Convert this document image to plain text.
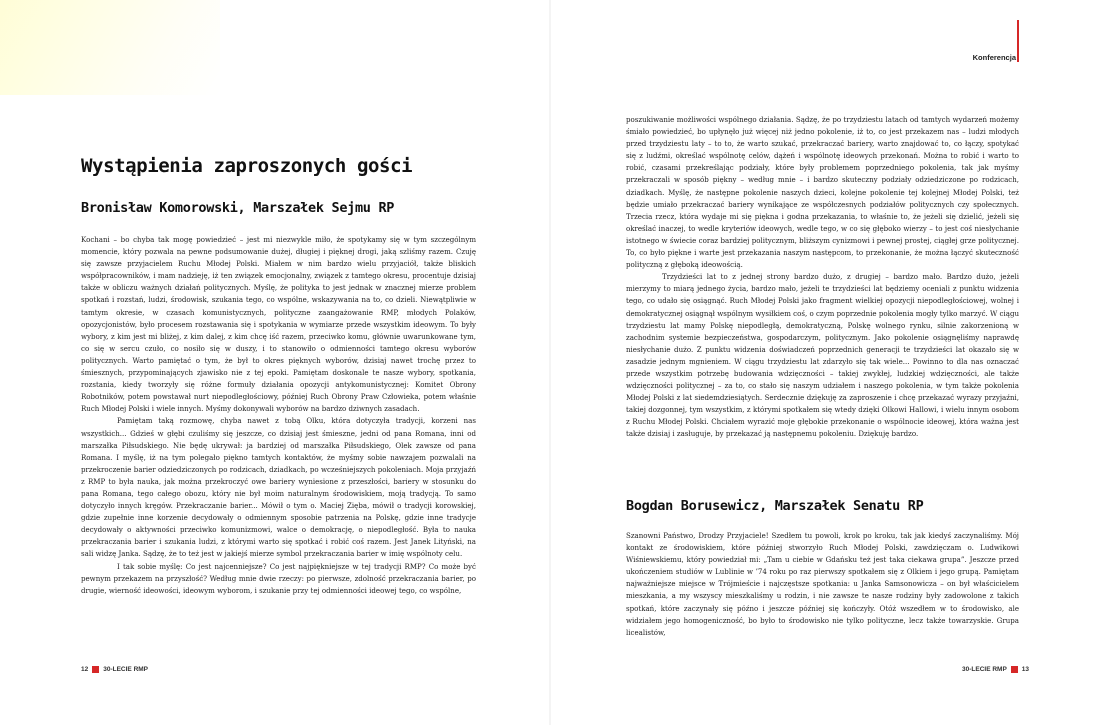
Wystąpienia zaproszonych gości
Bronisław Komorowski, Marszałek Sejmu RP

Kochani – bo chyba tak mogę powiedzieć – jest mi niezwykle miło, że spotykamy się w tym szczególnym momencie, który pozwala na pewne podsumowanie dużej, długiej i pięknej drogi, jaką szliśmy razem. Czuję się zawsze przyjacielem Ruchu Młodej Polski. Miałem w nim bardzo wielu przyjaciół, także bliskich współpracowników, i mam nadzieję, iż ten związek emocjonalny, związek z tamtego okresu, procentuje dzisiaj także w obliczu ważnych działań politycznych. Myślę, że polityka to jest jednak w znacznej mierze problem spotkań i rozstań, ludzi, środowisk, szukania tego, co wspólne, wskazywania na to, co dzieli. Niewątpliwie w tamtym okresie, w czasach komunistycznych, polityczne zaangażowanie RMP, młodych Polaków, opozycjonistów, było procesem rozstawania się i spotykania w wymiarze przede wszystkim ideowym. To były wybory, z kim jest mi bliżej, z kim dalej, z kim chcę iść razem, przeciwko komu, głównie uwarunkowane tym, co się w sercu czuło, co nosiło się w duszy, i to stanowiło o odmienności tamtego okresu wyborów politycznych. Warto pamiętać o tym, że był to okres pięknych wyborów, dzisiaj nawet trochę przez to śmiesznych, przypominających zjawisko nie z tej epoki. Pamiętam doskonale te nasze wybory, spotkania, rozstania, kiedy tworzyły się różne formuły działania opozycji antykomunistycznej: Komitet Obrony Robotników, potem powstawał nurt niepodległościowy, później Ruch Obrony Praw Człowieka, potem właśnie Ruch Młodej Polski i wiele innych. Myśmy dokonywali wyborów na bardzo dziwnych zasadach.

Pamiętam taką rozmowę, chyba nawet z tobą Olku, która dotyczyła tradycji, korzeni nas wszystkich... Gdzieś w głębi czuliśmy się jeszcze, co dzisiaj jest śmieszne, jedni od pana Romana, inni od marszałka Piłsudskiego. Nie będę ukrywał: ja bardziej od marszałka Piłsudskiego, Olek zawsze od pana Romana. I myślę, iż na tym polegało piękno tamtych kontaktów, że myśmy sobie nawzajem pozwalali na przekroczenie barier odziedziczonych po rodzicach, dziadkach, po wcześniejszych pokoleniach. Moja przyjaźń z RMP to była nauka, jak można przekroczyć owe bariery wyniesione z przeszłości, bariery w stosunku do pana Romana, tego całego obozu, który nie był moim naturalnym środowiskiem, moją tradycją. To samo dotyczyło innych kręgów. Przekraczanie barier... Mówił o tym o. Maciej Zięba, mówił o tradycji korowskiej, gdzie zupełnie inne korzenie decydowały o odmiennym sposobie patrzenia na Polskę, gdzie inne tradycje decydowały o aktywności przeciwko komunizmowi, walce o demokrację, o niepodległość. Była to nauka przekraczania barier i szukania ludzi, z którymi warto się spotkać i robić coś razem. Jest Janek Lityński, na sali widzę Janka. Sądzę, że to też jest w jakiejś mierze symbol przekraczania barier w imię wspólnoty celu.

I tak sobie myślę: Co jest najcenniejsze? Co jest najpiękniejsze w tej tradycji RMP? Co może być pewnym przekazem na przyszłość? Według mnie dwie rzeczy: po pierwsze, zdolność przekraczania barier, po drugie, wierność ideowości, ideowym wyborom, i szukanie przy tej odmienności ideowej tego, co wspólne,

12 30-LECIE RMP
Konferencja

poszukiwanie możliwości wspólnego działania. Sądzę, że po trzydziestu latach od tamtych wydarzeń możemy śmiało powiedzieć, bo upłynęło już więcej niż jedno pokolenie, iż to, co jest przekazem nas – ludzi młodych przed trzydziestu laty – to to, że warto szukać, przekraczać bariery, warto znajdować to, co łączy, spotykać się z ludźmi, określać wspólnotę celów, dążeń i wspólnotę ideowych przekonań. Można to robić i warto to robić, czasami przekreślając podziały, które były problemem poprzedniego pokolenia, tak jak myśmy przekraczali w sposób piękny – według mnie – i bardzo skuteczny podziały odziedziczone po rodzicach, dziadkach. Myślę, że następne pokolenie naszych dzieci, kolejne pokolenie tej kolejnej Młodej Polski, też będzie umiało przekraczać bariery wynikające ze współczesnych podziałów politycznych czy społecznych. Trzecia rzecz, która wydaje mi się piękna i godna przekazania, to właśnie to, że jeżeli się dzielić, jeżeli się określać inaczej, to wedle kryteriów ideowych, wedle tego, w co się głęboko wierzy – to jest coś niesłychanie istotnego w świecie coraz bardziej politycznym, bliższym cynizmowi i pewnej prostej, ciągłej grze politycznej. To, co było piękne i warte jest przekazania naszym następcom, to przekonanie, że można łączyć skuteczność polityczną z głęboką ideowością.

Trzydzieści lat to z jednej strony bardzo dużo, z drugiej – bardzo mało. Bardzo dużo, jeżeli mierzymy to miarą jednego życia, bardzo mało, jeżeli te trzydzieści lat będziemy oceniali z punktu widzenia tego, co udało się osiągnąć. Ruch Młodej Polski jako fragment wielkiej opozycji niepodległościowej, wolnej i demokratycznej osiągnął wspólnym wysiłkiem coś, o czym poprzednie pokolenia mogły tylko marzyć. W ciągu trzydziestu lat mamy Polskę niepodległą, demokratyczną, Polskę wolnego rynku, silnie zakorzenioną w zachodnim systemie bezpieczeństwa, gospodarczym, politycznym. Jako pokolenie osiągnęliśmy naprawdę niesłychanie dużo. Z punktu widzenia doświadczeń poprzednich generacji te trzydzieści lat okazało się w zasadzie jednym mgnieniem. W ciągu trzydziestu lat zdarzyło się tak wiele... Powinno to dla nas oznaczać przede wszystkim potrzebę budowania wdzięczności – takiej zwykłej, ludzkiej wdzięczności, ale także wdzięczności politycznej – za to, co stało się naszym udziałem i naszego pokolenia, w tym także pokolenia Młodej Polski z lat siedemdziesiątych. Serdecznie dziękuję za zaproszenie i chcę przekazać wyrazy przyjaźni, takiej dozgonnej, tym wszystkim, z którymi spotkałem się wtedy dzięki Olkowi Hallowi, i wielu innym osobom z Ruchu Młodej Polski. Chciałem wyrazić moje głębokie przekonanie o wspólnocie ideowej, która ważna jest także dzisiaj i zasługuje, by przekazać ją następnemu pokoleniu. Dziękuję bardzo.

Bogdan Borusewicz, Marszałek Senatu RP

Szanowni Państwo, Drodzy Przyjaciele! Szedłem tu powoli, krok po kroku, tak jak kiedyś zaczynaliśmy. Mój kontakt ze środowiskiem, które później stworzyło Ruch Młodej Polski, zawdzięczam o. Ludwikowi Wiśniewskiemu, który powiedział mi: „Tam u ciebie w Gdańsku też jest taka ciekawa grupa”. Jeszcze przed ukończeniem studiów w Lublinie w ’74 roku po raz pierwszy spotkałem się z Olkiem i jego grupą. Pamiętam najważniejsze miejsce w Trójmieście i najczęstsze spotkania: u Janka Samsonowicza – on był właścicielem mieszkania, a my wszyscy mieszkaliśmy u rodzin, i nie zawsze te nasze rodziny były zadowolone z takich spotkań, które zaczynały się późno i jeszcze później się kończyły. Otóż wszedłem w to środowisko, ale widziałem jego homogeniczność, bo było to środowisko nie tylko polityczne, lecz także towarzyskie. Grupa licealistów,

30-LECIE RMP 13
